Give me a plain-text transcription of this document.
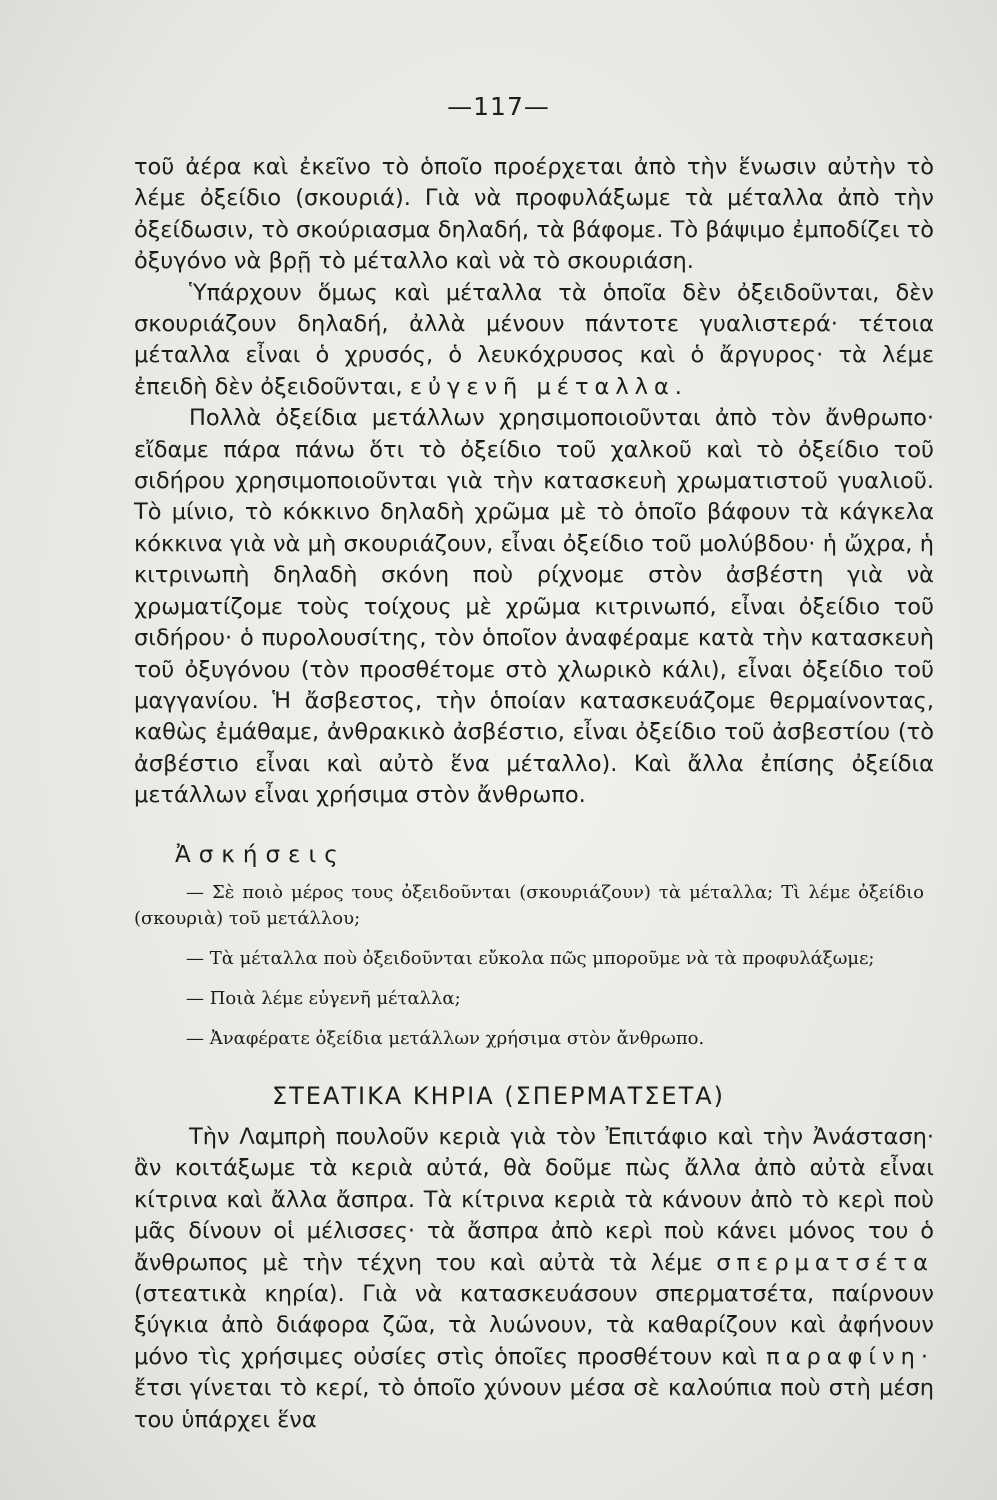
—117—

τοῦ ἀέρα καὶ ἐκεῖνο τὸ ὁποῖο προέρχεται ἀπὸ τὴν ἕνωσιν αὐτὴν τὸ λέμε ὀξείδιο (σκουριά). Γιὰ νὰ προφυλάξωμε τὰ μέταλλα ἀπὸ τὴν ὀξείδωσιν, τὸ σκούριασμα δηλαδή, τὰ βάφομε. Τὸ βάψιμο ἐμποδίζει τὸ ὀξυγόνο νὰ βρῇ τὸ μέταλλο καὶ νὰ τὸ σκουριάση.

Ὑπάρχουν ὅμως καὶ μέταλλα τὰ ὁποῖα δὲν ὀξειδοῦνται, δὲν σκουριάζουν δηλαδή, ἀλλὰ μένουν πάντοτε γυαλιστερά· τέτοια μέταλλα εἶναι ὁ χρυσός, ὁ λευκόχρυσος καὶ ὁ ἄργυρος· τὰ λέμε ἐπειδὴ δὲν ὀξειδοῦνται, εὐγενῆ μέταλλα.

Πολλὰ ὀξείδια μετάλλων χρησιμοποιοῦνται ἀπὸ τὸν ἄνθρωπο· εἴδαμε πάρα πάνω ὅτι τὸ ὀξείδιο τοῦ χαλκοῦ καὶ τὸ ὀξείδιο τοῦ σιδήρου χρησιμοποιοῦνται γιὰ τὴν κατασκευὴ χρωματιστοῦ γυαλιοῦ. Τὸ μίνιο, τὸ κόκκινο δηλαδὴ χρῶμα μὲ τὸ ὁποῖο βάφουν τὰ κάγκελα κόκκινα γιὰ νὰ μὴ σκουριάζουν, εἶναι ὀξείδιο τοῦ μολύβδου· ἡ ὤχρα, ἡ κιτρινωπὴ δηλαδὴ σκόνη ποὺ ρίχνομε στὸν ἀσβέστη γιὰ νὰ χρωματίζομε τοὺς τοίχους μὲ χρῶμα κιτρινωπό, εἶναι ὀξείδιο τοῦ σιδήρου· ὁ πυρολουσίτης, τὸν ὁποῖον ἀναφέραμε κατὰ τὴν κατασκευὴ τοῦ ὀξυγόνου (τὸν προσθέτομε στὸ χλωρικὸ κάλι), εἶναι ὀξείδιο τοῦ μαγγανίου. Ἡ ἄσβεστος, τὴν ὁποίαν κατασκευάζομε θερμαίνοντας, καθὼς ἐμάθαμε, ἀνθρακικὸ ἀσβέστιο, εἶναι ὀξείδιο τοῦ ἀσβεστίου (τὸ ἀσβέστιο εἶναι καὶ αὐτὸ ἕνα μέταλλο). Καὶ ἄλλα ἐπίσης ὀξείδια μετάλλων εἶναι χρήσιμα στὸν ἄνθρωπο.

Ἀσκήσεις

— Σὲ ποιὸ μέρος τους ὀξειδοῦνται (σκουριάζουν) τὰ μέταλλα; Τὶ λέμε ὀξείδιο (σκουριὰ) τοῦ μετάλλου;

— Τὰ μέταλλα ποὺ ὀξειδοῦνται εὔκολα πῶς μποροῦμε νὰ τὰ προφυλάξωμε;

— Ποιὰ λέμε εὐγενῆ μέταλλα;

— Ἀναφέρατε ὀξείδια μετάλλων χρήσιμα στὸν ἄνθρωπο.

ΣΤΕΑΤΙΚΑ ΚΗΡΙΑ (ΣΠΕΡΜΑΤΣΕΤΑ)

Τὴν Λαμπρὴ πουλοῦν κεριὰ γιὰ τὸν Ἐπιτάφιο καὶ τὴν Ἀνάσταση· ἂν κοιτάξωμε τὰ κεριὰ αὐτά, θὰ δοῦμε πὼς ἄλλα ἀπὸ αὐτὰ εἶναι κίτρινα καὶ ἄλλα ἄσπρα. Τὰ κίτρινα κεριὰ τὰ κάνουν ἀπὸ τὸ κερὶ ποὺ μᾶς δίνουν οἱ μέλισσες· τὰ ἄσπρα ἀπὸ κερὶ ποὺ κάνει μόνος του ὁ ἄνθρωπος μὲ τὴν τέχνη του καὶ αὐτὰ τὰ λέμε σπερματσέτα (στεατικὰ κηρία). Γιὰ νὰ κατασκευάσουν σπερματσέτα, παίρνουν ξύγκια ἀπὸ διάφορα ζῶα, τὰ λυώνουν, τὰ καθαρίζουν καὶ ἀφήνουν μόνο τὶς χρήσιμες οὐσίες στὶς ὁποῖες προσθέτουν καὶ παραφίνη· ἔτσι γίνεται τὸ κερί, τὸ ὁποῖο χύνουν μέσα σὲ καλούπια ποὺ στὴ μέση του ὑπάρχει ἕνα
